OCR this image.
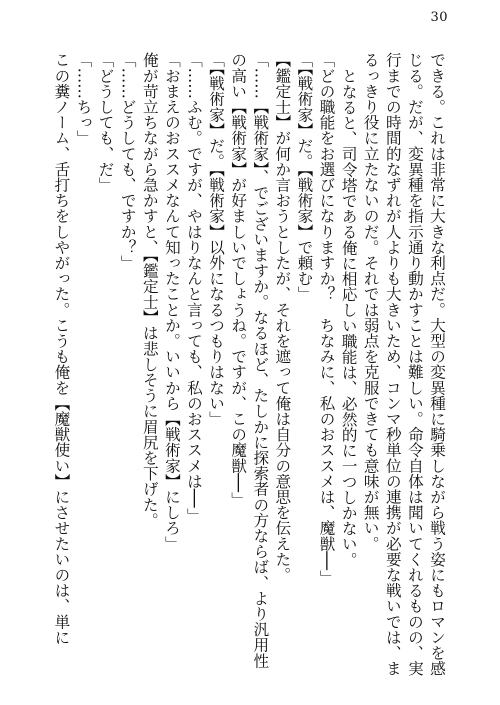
30

できる。これは非常に大きな利点だ。大型の変異種に騎乗しながら戦う姿にもロマンを感

じる。だが、変異種を指示通り動かすことは難しい。命令自体は聞いてくれるものの、実

行までの時間的なずれが人よりも大きいため、コンマ秒単位の連携が必要な戦いでは、ま

るっきり役に立たないのだ。それでは弱点を克服できても意味が無い。

となると、司令塔である俺に相応しい職能は、必然的に一つしかない。

「どの職能をお選びになりますか？　ちなみに、私のおススメは、魔獣──」

「【戦術家】だ。【戦術家】で頼む」

【鑑定士】が何か言おうとしたが、それを遮って俺は自分の意思を伝えた。

「……【戦術家】、でございますか。なるほど、たしかに探索者の方ならば、より汎用性

の高い【戦術家】が好ましいでしょうね。ですが、この魔獣──」

「【戦術家】だ。【戦術家】以外になるつもりはない」

「……ふむ。ですが、やはりなんと言っても、私のおススメは──」

「おまえのおススメなんて知ったことか。いいから【戦術家】にしろ」

俺が苛立ちながら急かすと、【鑑定士】は悲しそうに眉尻を下げた。

「……どうしても、ですか？」

「どうしても、だ」

「……ちっ」

この糞ノーム、舌打ちをしやがった。こうも俺を【魔獣使い】にさせたいのは、単に
